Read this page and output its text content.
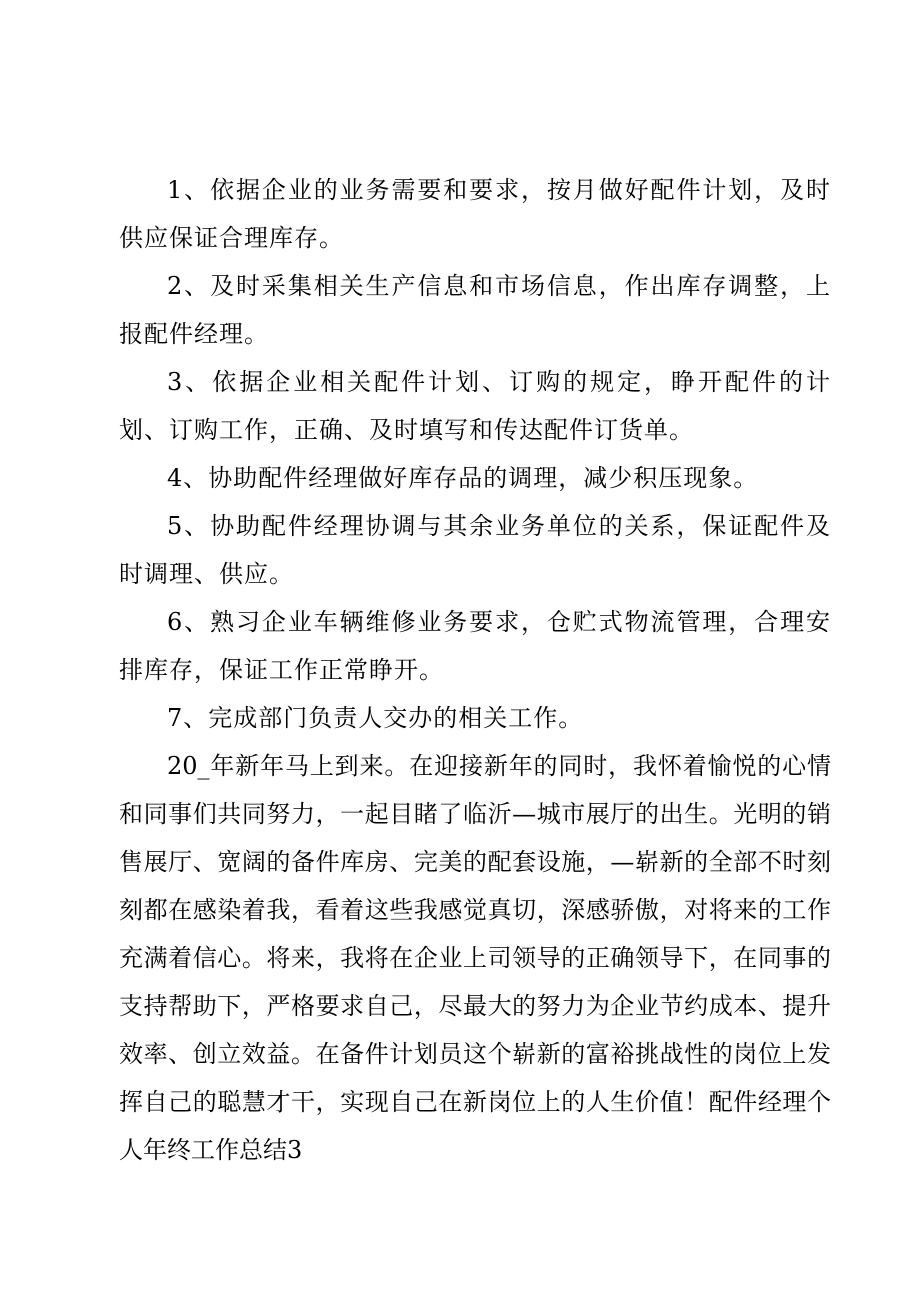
1、依据企业的业务需要和要求，按月做好配件计划，及时供应保证合理库存。

2、及时采集相关生产信息和市场信息，作出库存调整，上报配件经理。

3、依据企业相关配件计划、订购的规定，睁开配件的计划、订购工作，正确、及时填写和传达配件订货单。

4、协助配件经理做好库存品的调理，减少积压现象。

5、协助配件经理协调与其余业务单位的关系，保证配件及时调理、供应。

6、熟习企业车辆维修业务要求，仓贮式物流管理，合理安排库存，保证工作正常睁开。

7、完成部门负责人交办的相关工作。

20_年新年马上到来。在迎接新年的同时，我怀着愉悦的心情和同事们共同努力，一起目睹了临沂—城市展厅的出生。光明的销售展厅、宽阔的备件库房、完美的配套设施，—崭新的全部不时刻刻都在感染着我，看着这些我感觉真切，深感骄傲，对将来的工作充满着信心。将来，我将在企业上司领导的正确领导下，在同事的支持帮助下，严格要求自己，尽最大的努力为企业节约成本、提升效率、创立效益。在备件计划员这个崭新的富裕挑战性的岗位上发挥自己的聪慧才干，实现自己在新岗位上的人生价值！配件经理个人年终工作总结3
